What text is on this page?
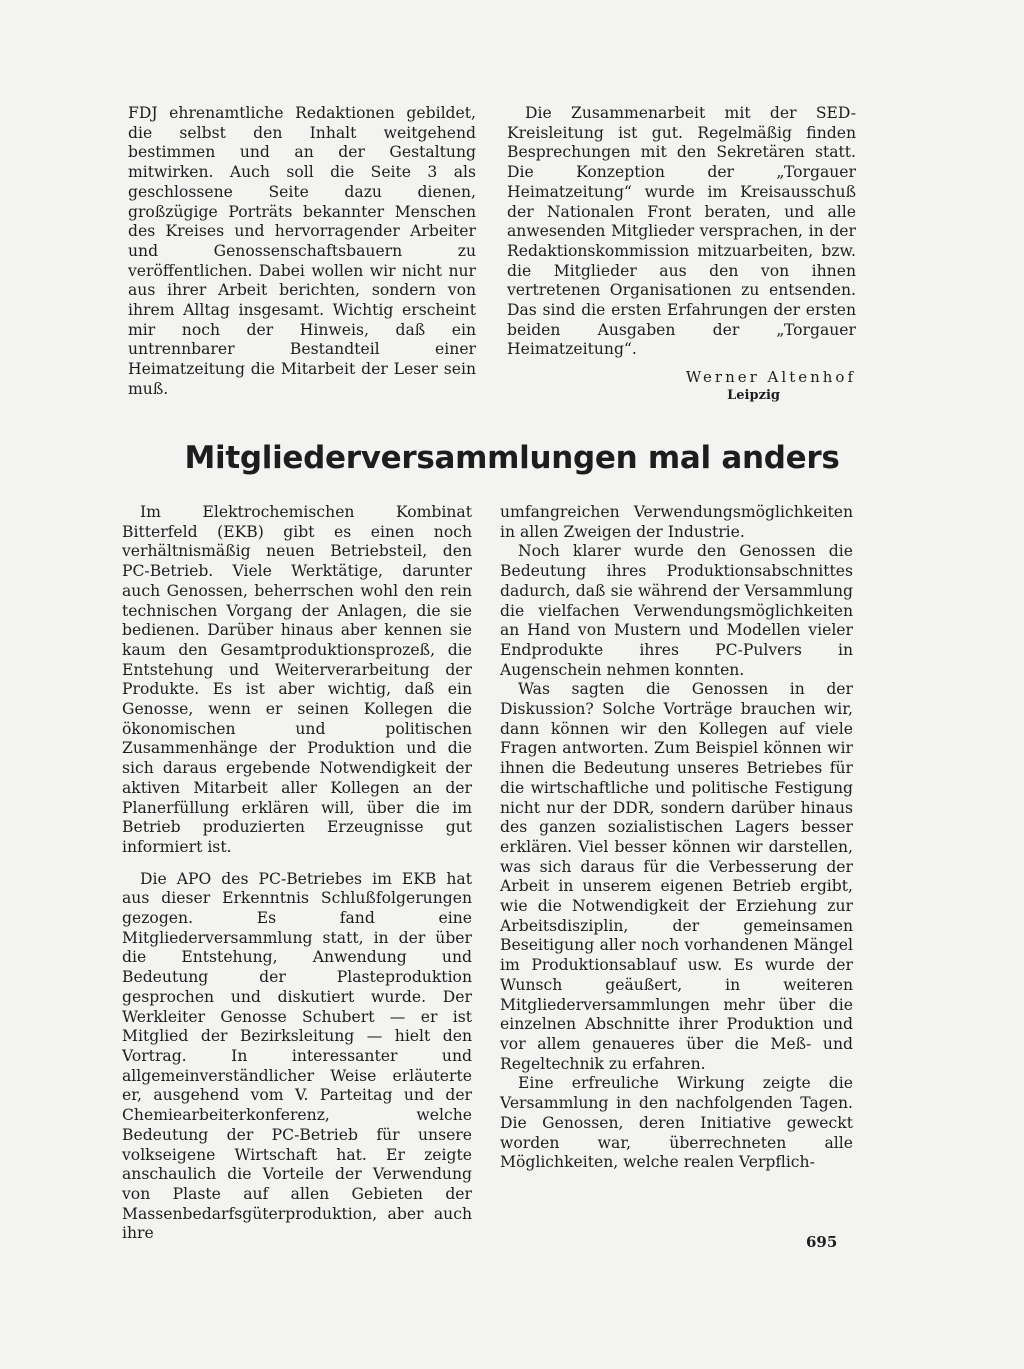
FDJ ehrenamtliche Redaktionen gebildet, die selbst den Inhalt weitgehend bestimmen und an der Gestaltung mitwirken. Auch soll die Seite 3 als geschlossene Seite dazu dienen, großzügige Porträts bekannter Menschen des Kreises und hervorragender Arbeiter und Genossenschaftsbauern zu veröffentlichen. Dabei wollen wir nicht nur aus ihrer Arbeit berichten, sondern von ihrem Alltag insgesamt. Wichtig erscheint mir noch der Hinweis, daß ein untrennbarer Bestandteil einer Heimatzeitung die Mitarbeit der Leser sein muß.

Die Zusammenarbeit mit der SED-Kreisleitung ist gut. Regelmäßig finden Besprechungen mit den Sekretären statt. Die Konzeption der „Torgauer Heimatzeitung“ wurde im Kreisausschuß der Nationalen Front beraten, und alle anwesenden Mitglieder versprachen, in der Redaktionskommission mitzuarbeiten, bzw. die Mitglieder aus den von ihnen vertretenen Organisationen zu entsenden. Das sind die ersten Erfahrungen der ersten beiden Ausgaben der „Torgauer Heimatzeitung“.

Werner Altenhof
Leipzig
Mitgliederversammlungen mal anders

Im Elektrochemischen Kombinat Bitterfeld (EKB) gibt es einen noch verhältnismäßig neuen Betriebsteil, den PC-Betrieb. Viele Werktätige, darunter auch Genossen, beherrschen wohl den rein technischen Vorgang der Anlagen, die sie bedienen. Darüber hinaus aber kennen sie kaum den Gesamtproduktionsprozeß, die Entstehung und Weiterverarbeitung der Produkte. Es ist aber wichtig, daß ein Genosse, wenn er seinen Kollegen die ökonomischen und politischen Zusammenhänge der Produktion und die sich daraus ergebende Notwendigkeit der aktiven Mitarbeit aller Kollegen an der Planerfüllung erklären will, über die im Betrieb produzierten Erzeugnisse gut informiert ist.

Die APO des PC-Betriebes im EKB hat aus dieser Erkenntnis Schlußfolgerungen gezogen. Es fand eine Mitgliederversammlung statt, in der über die Entstehung, Anwendung und Bedeutung der Plasteproduktion gesprochen und diskutiert wurde. Der Werkleiter Genosse Schubert — er ist Mitglied der Bezirksleitung — hielt den Vortrag. In interessanter und allgemeinverständlicher Weise erläuterte er, ausgehend vom V. Parteitag und der Chemiearbeiterkonferenz, welche Bedeutung der PC-Betrieb für unsere volkseigene Wirtschaft hat. Er zeigte anschaulich die Vorteile der Verwendung von Plaste auf allen Gebieten der Massenbedarfsgüterproduktion, aber auch ihre

umfangreichen Verwendungsmöglichkeiten in allen Zweigen der Industrie.

Noch klarer wurde den Genossen die Bedeutung ihres Produktionsabschnittes dadurch, daß sie während der Versammlung die vielfachen Verwendungsmöglichkeiten an Hand von Mustern und Modellen vieler Endprodukte ihres PC-Pulvers in Augenschein nehmen konnten.

Was sagten die Genossen in der Diskussion? Solche Vorträge brauchen wir, dann können wir den Kollegen auf viele Fragen antworten. Zum Beispiel können wir ihnen die Bedeutung unseres Betriebes für die wirtschaftliche und politische Festigung nicht nur der DDR, sondern darüber hinaus des ganzen sozialistischen Lagers besser erklären. Viel besser können wir darstellen, was sich daraus für die Verbesserung der Arbeit in unserem eigenen Betrieb ergibt, wie die Notwendigkeit der Erziehung zur Arbeitsdisziplin, der gemeinsamen Beseitigung aller noch vorhandenen Mängel im Produktionsablauf usw. Es wurde der Wunsch geäußert, in weiteren Mitgliederversammlungen mehr über die einzelnen Abschnitte ihrer Produktion und vor allem genaueres über die Meß- und Regeltechnik zu erfahren.

Eine erfreuliche Wirkung zeigte die Versammlung in den nachfolgenden Tagen. Die Genossen, deren Initiative geweckt worden war, überrechneten alle Möglichkeiten, welche realen Verpflich-

695
